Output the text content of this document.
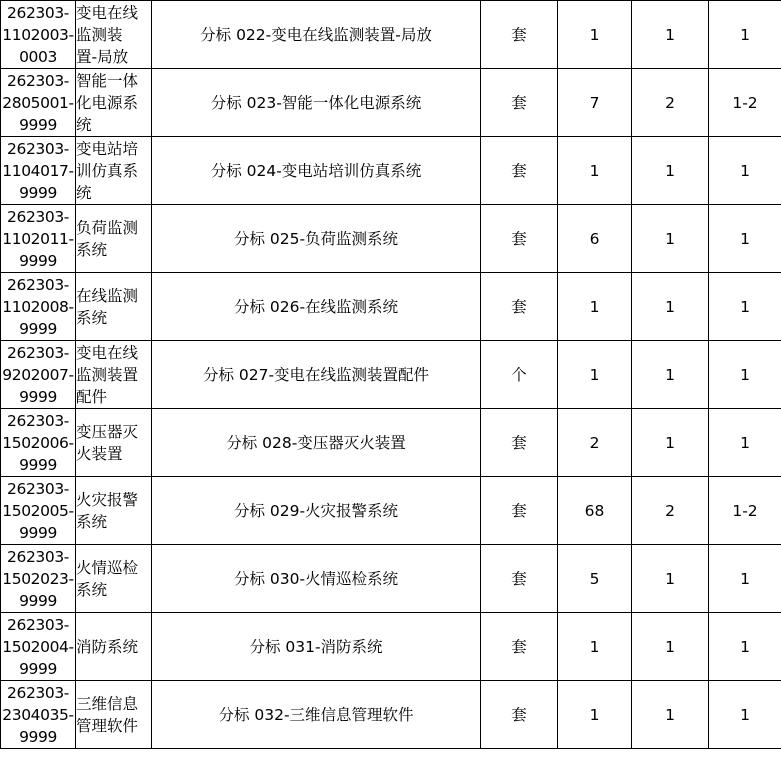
262303-
1102003-
0003	变电在线
监测装
置-局放	分标 022-变电在线监测装置-局放	套	1	1	1

262303-
2805001-
9999	智能一体
化电源系
统	分标 023-智能一体化电源系统	套	7	2	1-2

262303-
1104017-
9999	变电站培
训仿真系
统	分标 024-变电站培训仿真系统	套	1	1	1

262303-
1102011-
9999	负荷监测
系统	分标 025-负荷监测系统	套	6	1	1

262303-
1102008-
9999	在线监测
系统	分标 026-在线监测系统	套	1	1	1

262303-
9202007-
9999	变电在线
监测装置
配件	分标 027-变电在线监测装置配件	个	1	1	1

262303-
1502006-
9999	变压器灭
火装置	分标 028-变压器灭火装置	套	2	1	1

262303-
1502005-
9999	火灾报警
系统	分标 029-火灾报警系统	套	68	2	1-2

262303-
1502023-
9999	火情巡检
系统	分标 030-火情巡检系统	套	5	1	1

262303-
1502004-
9999	消防系统	分标 031-消防系统	套	1	1	1

262303-
2304035-
9999	三维信息
管理软件	分标 032-三维信息管理软件	套	1	1	1
